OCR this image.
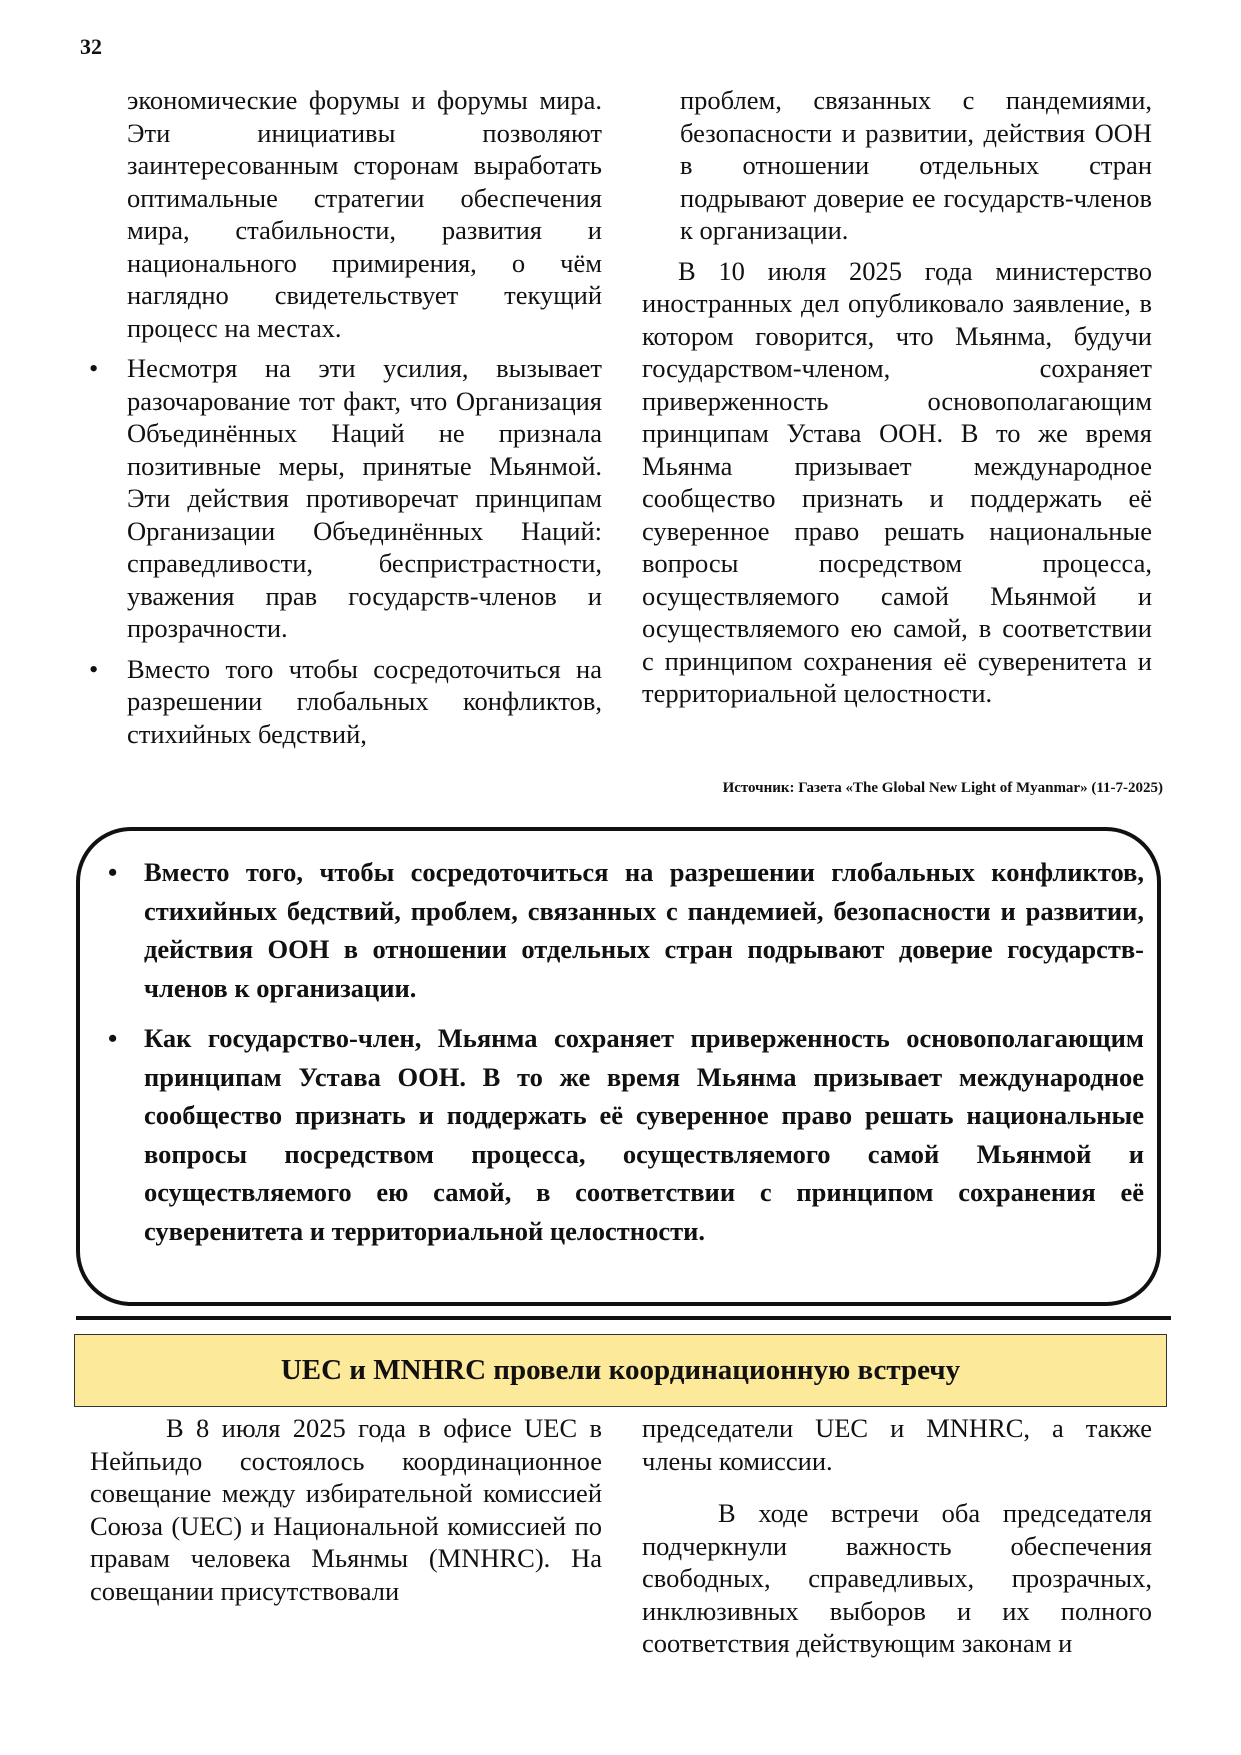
32

экономические форумы и форумы мира. Эти инициативы позволяют заинтересованным сторонам выработать оптимальные стратегии обеспечения мира, стабильности, развития и национального примирения, о чём наглядно свидетельствует текущий процесс на местах.

• Несмотря на эти усилия, вызывает разочарование тот факт, что Организация Объединённых Наций не признала позитивные меры, принятые Мьянмой. Эти действия противоречат принципам Организации Объединённых Наций: справедливости, беспристрастности, уважения прав государств-членов и прозрачности.
• Вместо того чтобы сосредоточиться на разрешении глобальных конфликтов, стихийных бедствий,

проблем, связанных с пандемиями, безопасности и развитии, действия ООН в отношении отдельных стран подрывают доверие ее государств-членов к организации.

В 10 июля 2025 года министерство иностранных дел опубликовало заявление, в котором говорится, что Мьянма, будучи государством-членом, сохраняет приверженность основополагающим принципам Устава ООН. В то же время Мьянма призывает международное сообщество признать и поддержать её суверенное право решать национальные вопросы посредством процесса, осуществляемого самой Мьянмой и осуществляемого ею самой, в соответствии с принципом сохранения её суверенитета и территориальной целостности.

Источник: Газета «The Global New Light of Myanmar» (11-7-2025)
• Вместо того, чтобы сосредоточиться на разрешении глобальных конфликтов, стихийных бедствий, проблем, связанных с пандемией, безопасности и развитии, действия ООН в отношении отдельных стран подрывают доверие государств-членов к организации.
• Как государство-член, Мьянма сохраняет приверженность основополагающим принципам Устава ООН. В то же время Мьянма призывает международное сообщество признать и поддержать её суверенное право решать национальные вопросы посредством процесса, осуществляемого самой Мьянмой и осуществляемого ею самой, в соответствии с принципом сохранения её суверенитета и территориальной целостности.
UEC и MNHRC провели координационную встречу

В 8 июля 2025 года в офисе UEC в Нейпьидо состоялось координационное совещание между избирательной комиссией Союза (UEC) и Национальной комиссией по правам человека Мьянмы (MNHRC). На совещании присутствовали

председатели UEC и MNHRC, а также члены комиссии.

В ходе встречи оба председателя подчеркнули важность обеспечения свободных, справедливых, прозрачных, инклюзивных выборов и их полного соответствия действующим законам и
